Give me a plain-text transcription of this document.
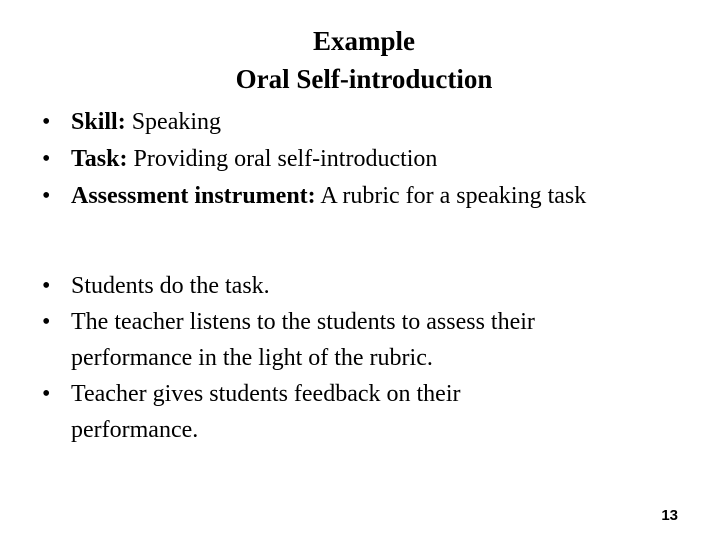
Example
Oral Self-introduction
• Skill: Speaking
• Task: Providing oral self-introduction
• Assessment instrument: A rubric for a speaking task
• Students do the task.
• The teacher listens to the students to assess their performance in the light of the rubric.
• Teacher gives students feedback on their performance.
13
